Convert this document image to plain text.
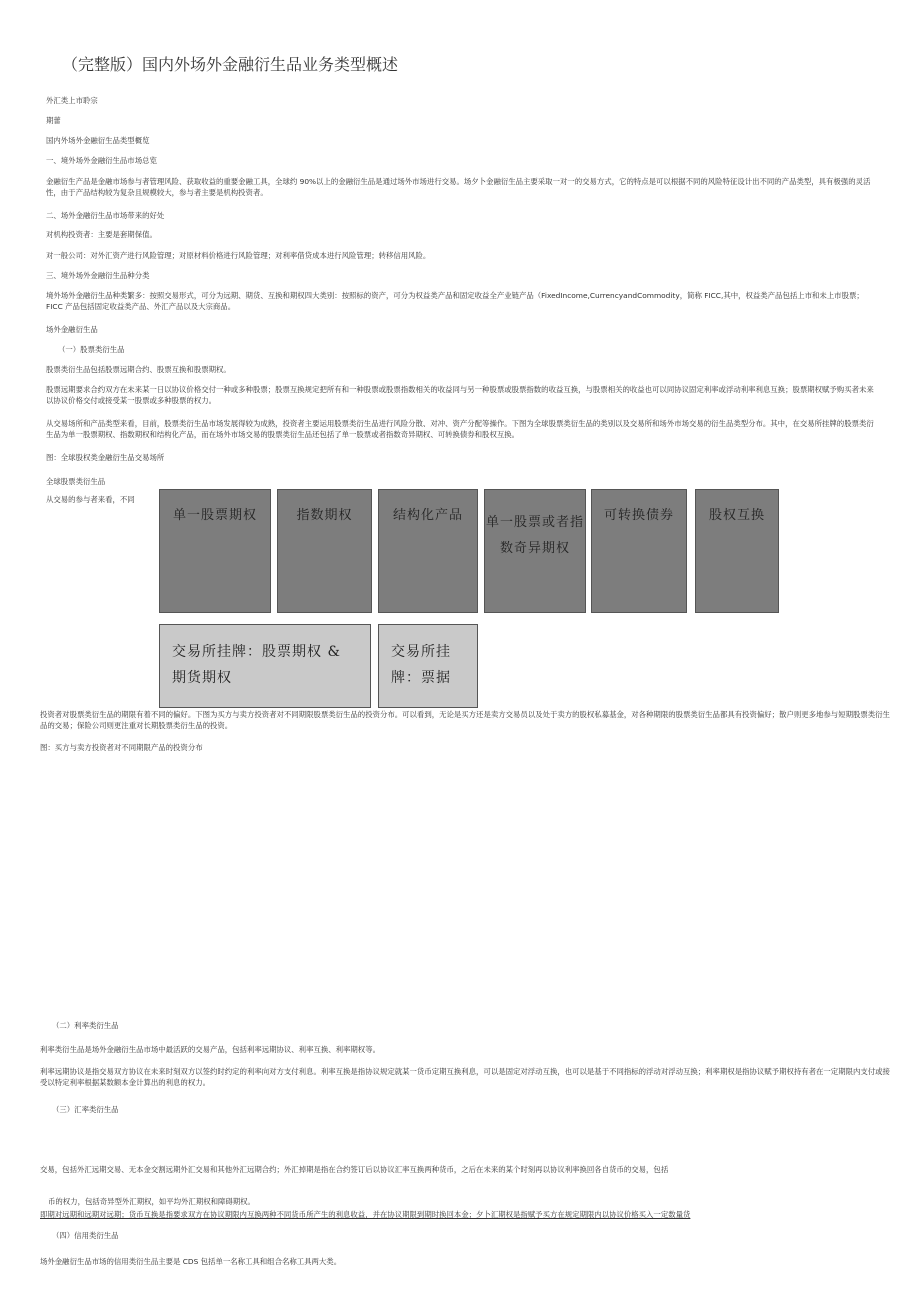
（完整版）国内外场外金融衍生品业务类型概述
外汇类上市聆宗
期蕾
国内外场外金融衍生品类型概览
一、境外场外金融衍生品市场总览
金融衍生产品是金融市场参与者管理风险、获取收益的重要金融工具，全球约 90%以上的金融衍生品是通过场外市场进行交易。场夕卜金融衍生品主要采取一对一的交易方式，它的特点是可以根据不同的风险特征设计出不同的产品类型，具有极强的灵活性，由于产品结构较为复杂且规模较大，参与者主要是机构投资者。
二、场外金融衍生品市场带来的好处
对机构投资者：主要是套期保值。
对一般公司：对外汇资产进行风险管理；对原材料价格进行风险管理；对利率借贷成本进行风险管理；转移信用风险。
三、境外场外金融衍生品种分类
境外场外金融衍生品种类繁多：按照交易形式，可分为远期、期货、互换和期权四大类别：按照标的资产，可分为权益类产品和固定收益全产业链产品（FixedIncome,CurrencyandCommodity，简称 FICC,其中，权益类产品包括上市和未上市股票；FICC 产品包括固定收益类产品、外汇产品以及大宗商品。
场外金融衍生品
（一）股票类衍生品
股票类衍生品包括股票远期合约、股票互换和股票期权。
股票远期要求合约双方在未来某一日以协议价格交付一种或多种股票；股票互换规定把所有和一种股票或股票指数相关的收益同与另一种股票或股票指数的收益互换，与股票相关的收益也可以同协议固定利率或浮动利率利息互换；股票期权赋予购买者未来以协议价格交付或接受某一股票或多种股票的权力。
从交易场所和产品类型来看，目前，股票类衍生品市场发展得较为成熟，投资者主要运用股票类衍生品进行风险分散、对冲、资产分配等操作。下图为全球股票类衍生品的类别以及交易所和场外市场交易的衍生品类型分布。其中，在交易所挂牌的股票类衍生品为单一股票期权、指数期权和结构化产品，而在场外市场交易的股票类衍生品还包括了单一股票或者指数奇异期权、可转换债券和股权互换。
图：全球股权类金融衍生品交易场所
全球股票类衍生品
从交易的参与者来看，不同
单一股票期权	指数期权	结构化产品	单一股票或者指数奇异期权
可转换债券	股权互换
交易所挂牌：股票期权 & 期货期权
交易所挂牌：票据
投资者对股票类衍生品的期限有着不同的偏好。下图为买方与卖方投资者对不同期限股票类衍生品的投资分布。可以看到，无论是买方还是卖方交易员以及处于卖方的股权私募基金，对各种期限的股票类衍生品都具有投资偏好；散户则更多地参与短期股票类衍生品的交易；保险公司则更注重对长期股票类衍生品的投资。
图：买方与卖方投资者对不同期限产品的投资分布
（二）利率类衍生品
利率类衍生品是场外金融衍生品市场中最活跃的交易产品，包括利率远期协议、利率互换、利率期权等。
利率远期协议是指交易双方协议在未来时刻双方以签约时约定的利率向对方支付利息。利率互换是指协议规定就某一货币定期互换利息，可以是固定对浮动互换，也可以是基于不同指标的浮动对浮动互换；利率期权是指协议赋予期权持有者在一定期限内支付或接受以特定利率根据某数额本金计算出的利息的权力。
（三）汇率类衍生品
交易，包括外汇远期交易、无本金交割远期外汇交易和其他外汇远期合约；外汇掉期是指在合约签订后以协议汇率互换两种货币，之后在未来的某个时刻再以协议利率换回各自货币的交易，包括
币的权力，包括奇异型外汇期权，如平均外汇期权和障碍期权。
即期对远期和远期对远期；货币互换是指要求双方在协议期限内互换两种不同货币所产生的利息收益，并在协议期限到期时换回本金；夕卜汇期权是指赋予买方在规定期限内以协议价格买入一定数量货
（四）信用类衍生品
场外金融衍生品市场的信用类衍生品主要是 CDS 包括单一名称工具和组合名称工具两大类。
